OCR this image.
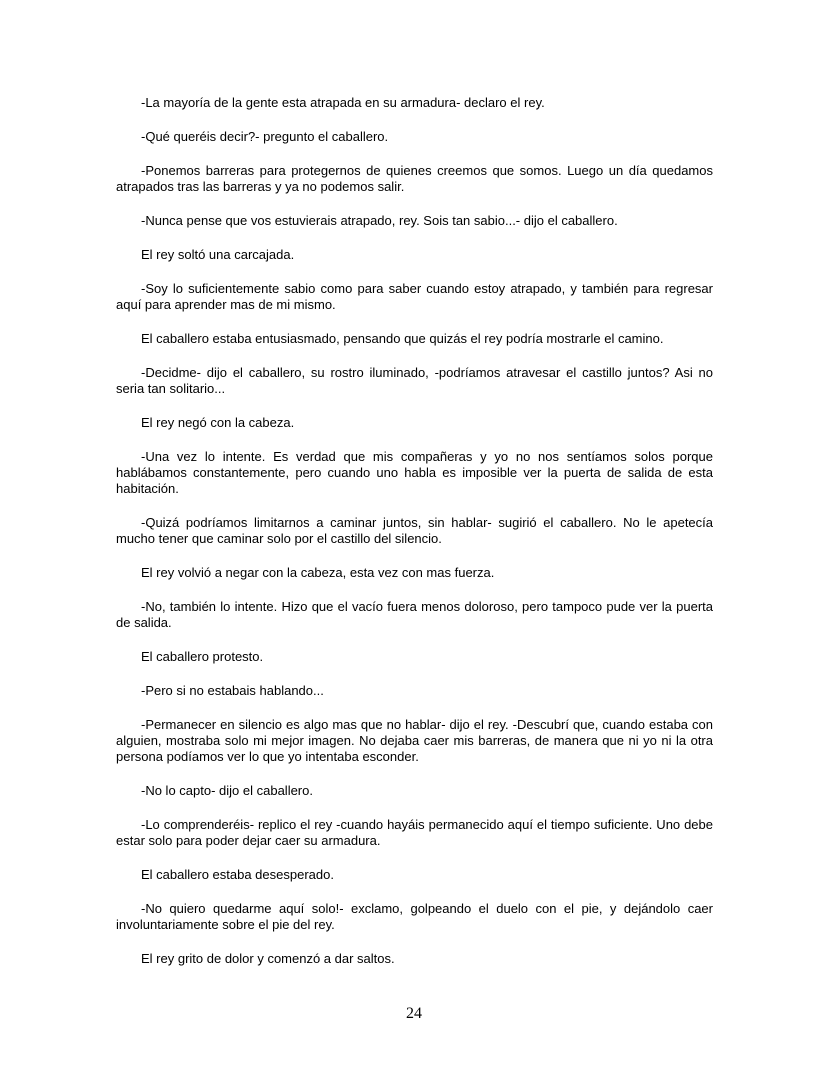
-La mayoría de la gente esta atrapada en su armadura- declaro el rey.

-Qué queréis decir?- pregunto el caballero.

-Ponemos barreras para protegernos de quienes creemos que somos. Luego un día quedamos atrapados tras las barreras y ya no podemos salir.

-Nunca pense que vos estuvierais atrapado, rey. Sois tan sabio...- dijo el caballero.

El rey soltó una carcajada.

-Soy lo suficientemente sabio como para saber cuando estoy atrapado, y también para regresar aquí para aprender mas de mi mismo.

El caballero estaba entusiasmado, pensando que quizás el rey podría mostrarle el camino.

-Decidme- dijo el caballero, su rostro iluminado, -podríamos atravesar el castillo juntos? Asi no seria tan solitario...

El rey negó con la cabeza.

-Una vez lo intente. Es verdad que mis compañeras y yo no nos sentíamos solos porque hablábamos constantemente, pero cuando uno habla es imposible ver la puerta de salida de esta habitación.

-Quizá podríamos limitarnos a caminar juntos, sin hablar- sugirió el caballero. No le apetecía mucho tener que caminar solo por el castillo del silencio.

El rey volvió a negar con la cabeza, esta vez con mas fuerza.

-No, también lo intente. Hizo que el vacío fuera menos doloroso, pero tampoco pude ver la puerta de salida.

El caballero protesto.

-Pero si no estabais hablando...

-Permanecer en silencio es algo mas que no hablar- dijo el rey. -Descubrí que, cuando estaba con alguien, mostraba solo mi mejor imagen. No dejaba caer mis barreras, de manera que ni yo ni la otra persona podíamos ver lo que yo intentaba esconder.

-No lo capto- dijo el caballero.

-Lo comprenderéis- replico el rey -cuando hayáis permanecido aquí el tiempo suficiente. Uno debe estar solo para poder dejar caer su armadura.

El caballero estaba desesperado.

-No quiero quedarme aquí solo!- exclamo, golpeando el duelo con el pie, y dejándolo caer involuntariamente sobre el pie del rey.

El rey grito de dolor y comenzó a dar saltos.

24
